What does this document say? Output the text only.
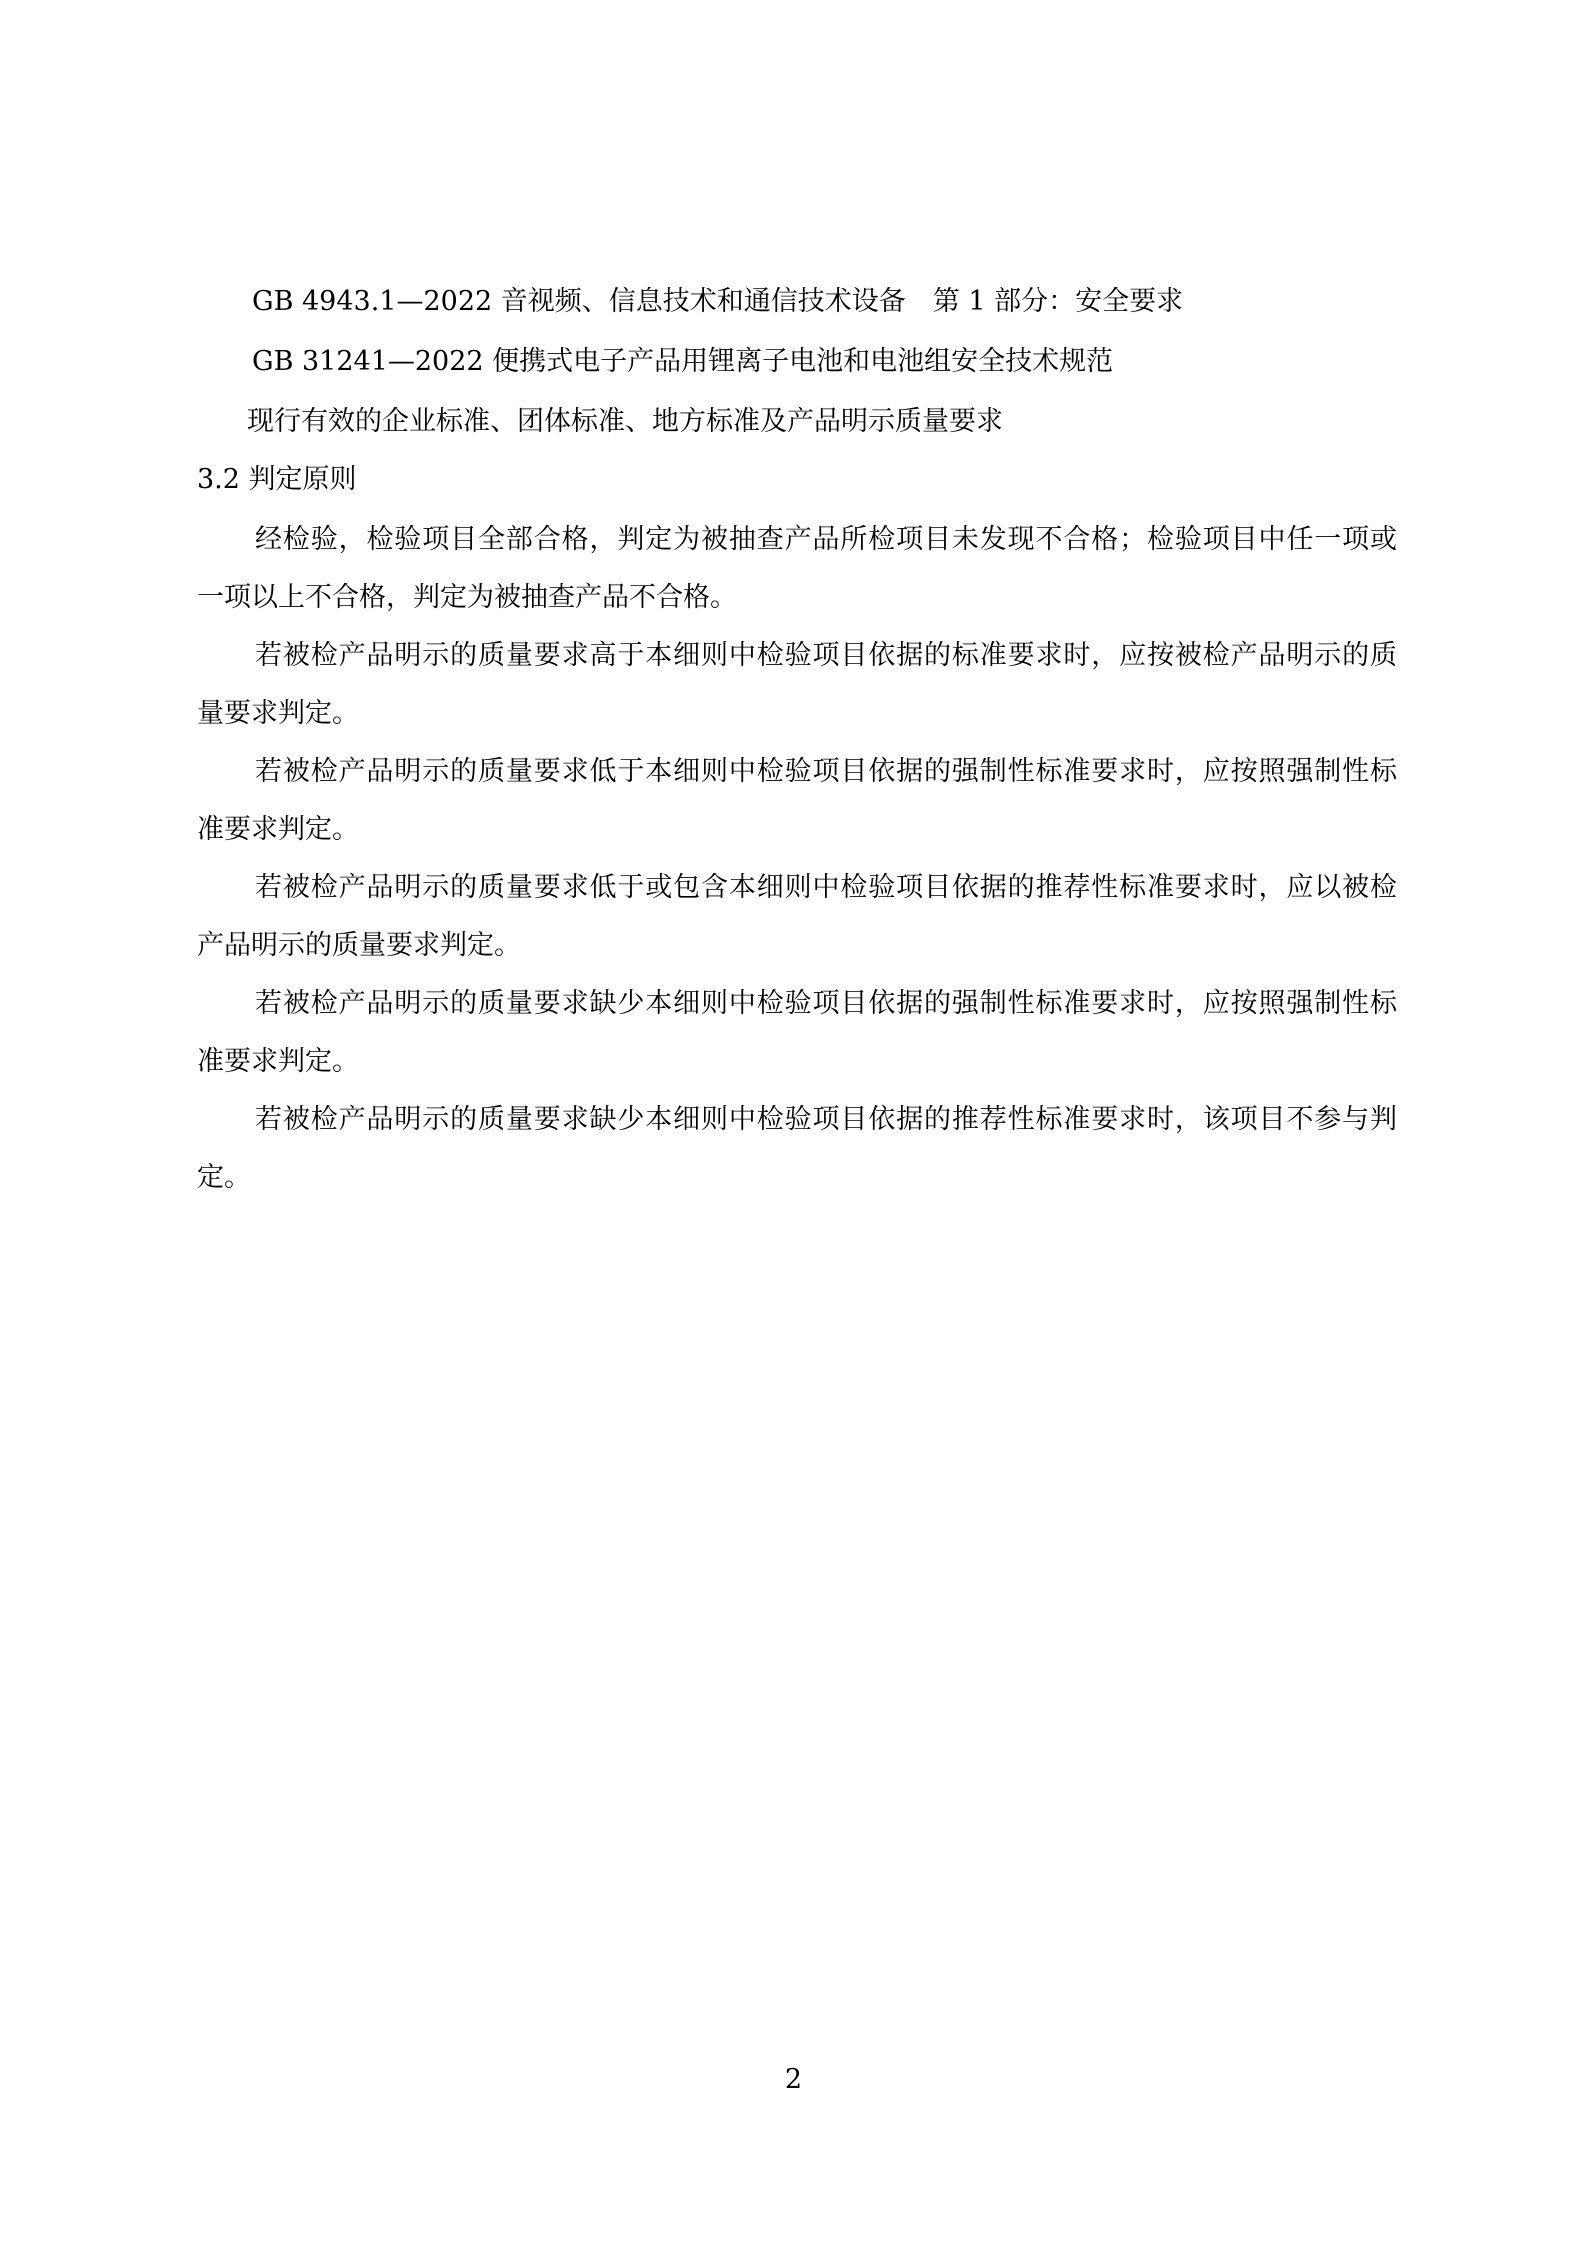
GB 4943.1—2022 音视频、信息技术和通信技术设备　第 1 部分：安全要求
GB 31241—2022 便携式电子产品用锂离子电池和电池组安全技术规范
现行有效的企业标准、团体标准、地方标准及产品明示质量要求
3.2 判定原则
经检验，检验项目全部合格，判定为被抽查产品所检项目未发现不合格；检验项目中任一项或
一项以上不合格，判定为被抽查产品不合格。
若被检产品明示的质量要求高于本细则中检验项目依据的标准要求时，应按被检产品明示的质
量要求判定。
若被检产品明示的质量要求低于本细则中检验项目依据的强制性标准要求时，应按照强制性标
准要求判定。
若被检产品明示的质量要求低于或包含本细则中检验项目依据的推荐性标准要求时，应以被检
产品明示的质量要求判定。
若被检产品明示的质量要求缺少本细则中检验项目依据的强制性标准要求时，应按照强制性标
准要求判定。
若被检产品明示的质量要求缺少本细则中检验项目依据的推荐性标准要求时，该项目不参与判
定。
2
